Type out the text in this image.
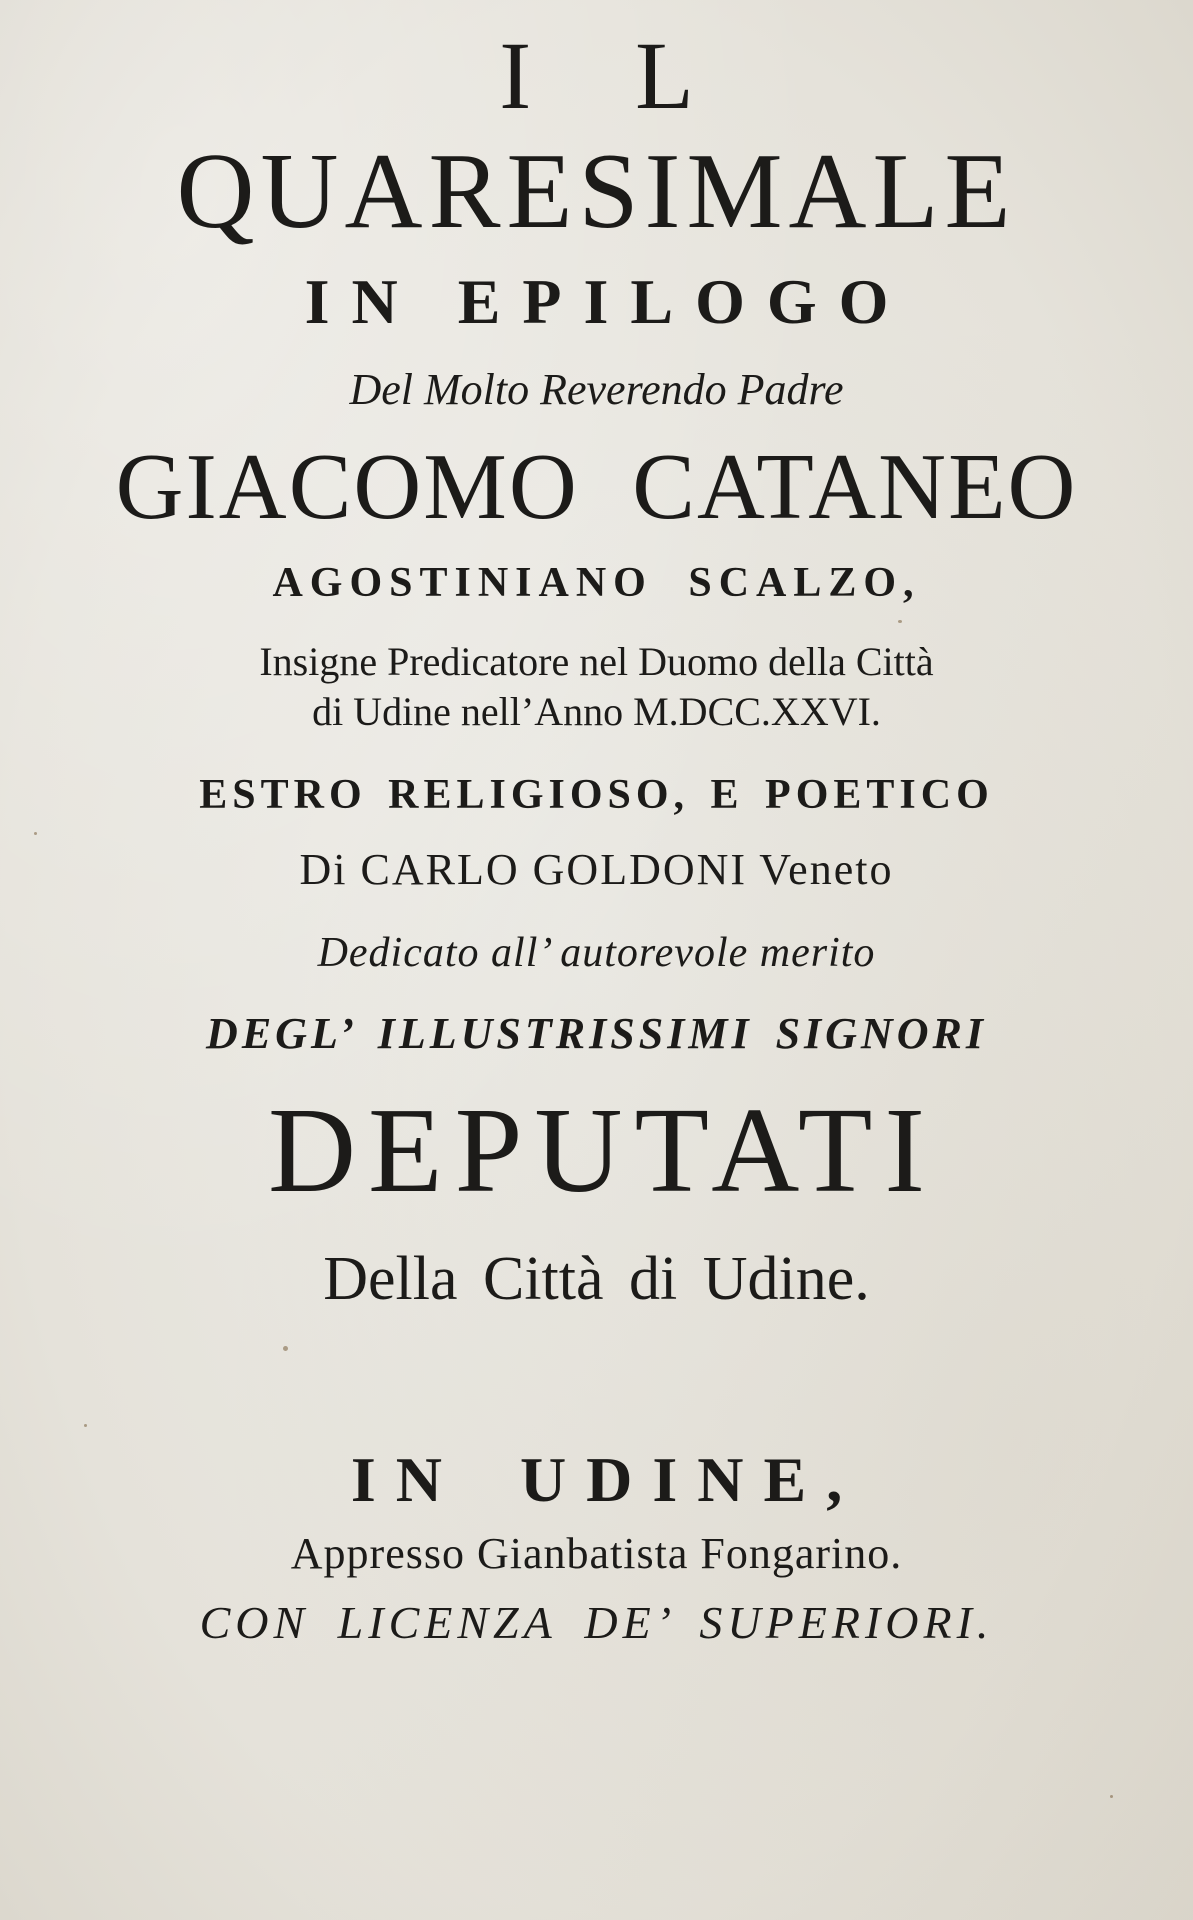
I L
QUARESIMALE
IN EPILOGO
Del Molto Reverendo Padre
GIACOMO CATANEO
AGOSTINIANO SCALZO,
Insigne Predicatore nel Duomo della Città
di Udine nell’Anno M.DCC.XXVI.
ESTRO RELIGIOSO, E POETICO
Di CARLO GOLDONI Veneto
Dedicato all’ autorevole merito
DEGL’ ILLUSTRISSIMI SIGNORI
DEPUTATI
Della Città di Udine.
IN UDINE,
Appresso Gianbatista Fongarino.
CON LICENZA DE’ SUPERIORI.
